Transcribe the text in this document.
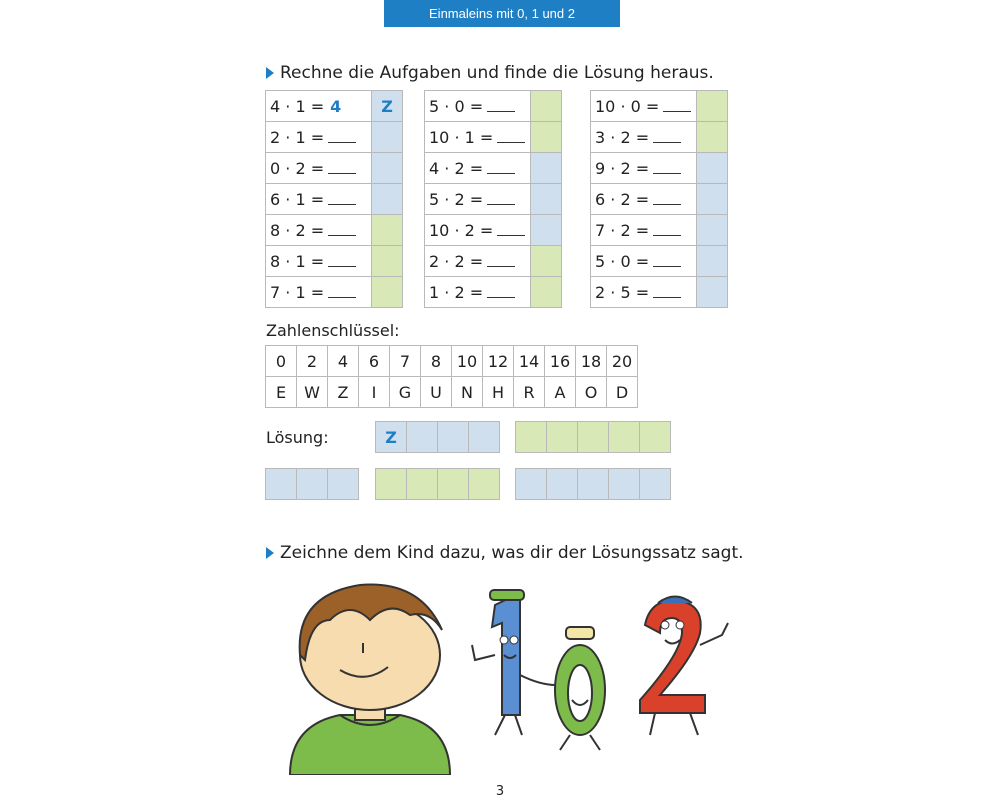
Einmaleins mit 0, 1 und 2
Rechne die Aufgaben und finde die Lösung heraus.
4 · 1 = 4	Z
2 · 1 =	
0 · 2 =	
6 · 1 =	
8 · 2 =	
8 · 1 =	
7 · 1 =	
5 · 0 =	
10 · 1 =	
4 · 2 =	
5 · 2 =	
10 · 2 =	
2 · 2 =	
1 · 2 =	
10 · 0 =	
3 · 2 =	
9 · 2 =	
6 · 2 =	
7 · 2 =	
5 · 0 =	
2 · 5 =	
Zahlenschlüssel:
0	2	4	6	7	8	10	12	14	16	18	20
E	W	Z	I	G	U	N	H	R	A	O	D
Lösung:	Z
Zeichne dem Kind dazu, was dir der Lösungssatz sagt.
3
